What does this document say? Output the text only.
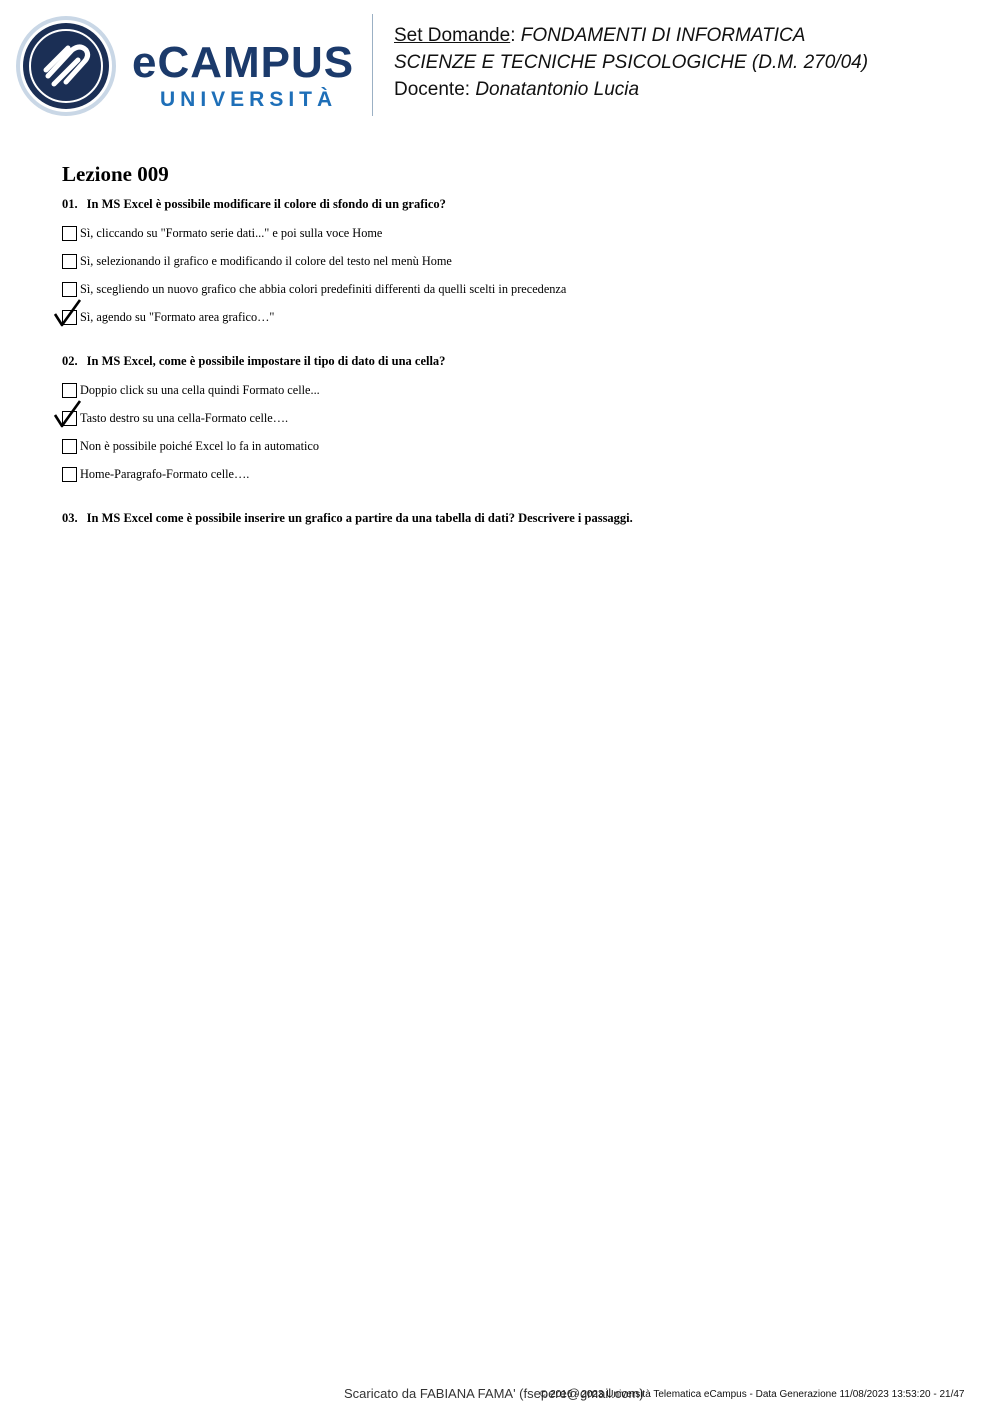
eCAMPUS
UNIVERSITÀ
Set Domande: FONDAMENTI DI INFORMATICA
SCIENZE E TECNICHE PSICOLOGICHE (D.M. 270/04)
Docente: Donatantonio Lucia
Lezione 009
01. In MS Excel è possibile modificare il colore di sfondo di un grafico?
Sì, cliccando su "Formato serie dati..." e poi sulla voce Home
Sì, selezionando il grafico e modificando il colore del testo nel menù Home
Sì, scegliendo un nuovo grafico che abbia colori predefiniti differenti da quelli scelti in precedenza
Sì, agendo su "Formato area grafico…"
02. In MS Excel, come è possibile impostare il tipo di dato di una cella?
Doppio click su una cella quindi Formato celle...
Tasto destro su una cella-Formato celle….
Non è possibile poiché Excel lo fa in automatico
Home-Paragrafo-Formato celle….
03. In MS Excel come è possibile inserire un grafico a partire da una tabella di dati? Descrivere i passaggi.
Scaricato da FABIANA FAMA' (fsepere@gmail.com)
© 2016 - 2023 Università Telematica eCampus - Data Generazione 11/08/2023 13:53:20 - 21/47
